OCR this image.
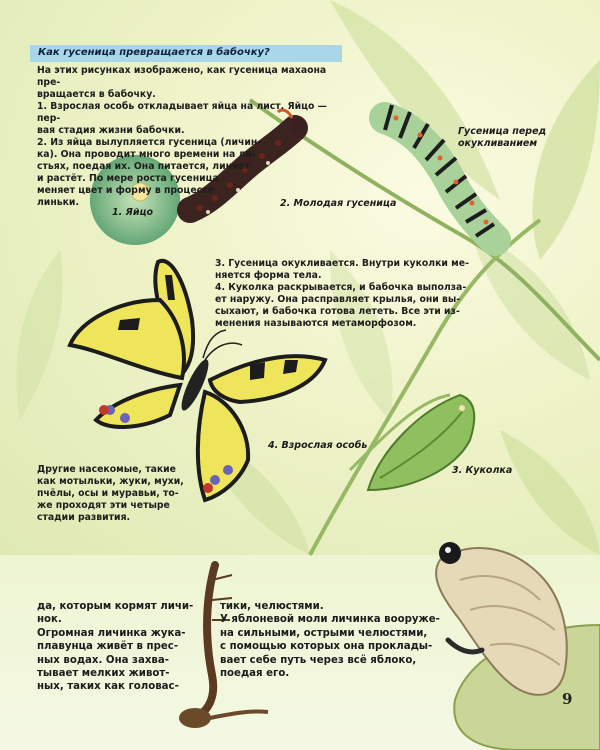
Как гусеница превращается в бабочку?

На этих рисунках изображено, как гусеница махаона пре-

вращается в бабочку.

1. Взрослая особь откладывает яйца на лист. Яйцо — пер-

вая стадия жизни бабочки.

2. Из яйца вылупляется гусеница (личин-

ка). Она проводит много времени на ли-

стьях, поедая их. Она питается, линяет

и растёт. По мере роста гусеница

меняет цвет и форму в процессе

линьки.

1. Яйцо
2. Молодая гусеница
Гусеница перед
окукливанием

3. Гусеница окукливается. Внутри куколки ме-

няется форма тела.

4. Куколка раскрывается, и бабочка выполза-

ет наружу. Она расправляет крылья, они вы-

сыхают, и бабочка готова лететь. Все эти из-

менения называются метаморфозом.

4. Взрослая особь
3. Куколка

Другие насекомые, такие

как мотыльки, жуки, мухи,

пчёлы, осы и муравьи, то-

же проходят эти четыре

стадии развития.

да, которым кормят личи-

нок.

Огромная личинка жука-

плавунца живёт в прес-

ных водах. Она захва-

тывает мелких живот-

ных, таких как головас-

тики, челюстями.

У яблоневой моли личинка вооруже-

на сильными, острыми челюстями,

с помощью которых она проклады-

вает себе путь через всё яблоко,

поедая его.

9
